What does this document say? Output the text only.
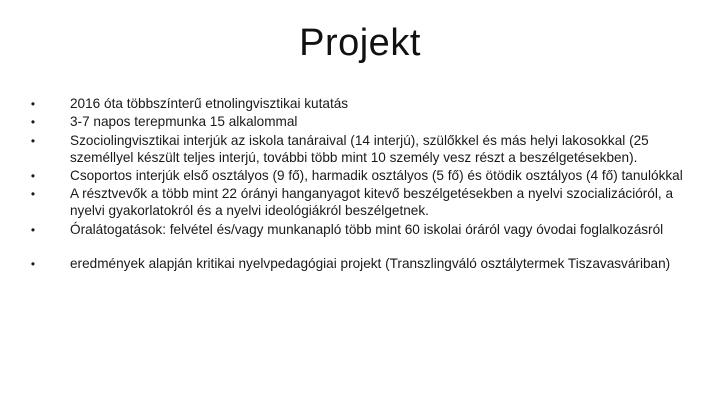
Projekt
•	2016 óta többszínterű etnolingvisztikai kutatás
•	3-7 napos terepmunka 15 alkalommal
•	Szociolingvisztikai interjúk az iskola tanáraival (14 interjú), szülőkkel és más helyi lakosokkal (25 személlyel készült teljes interjú, további több mint 10 személy vesz részt a beszélgetésekben).
•	Csoportos interjúk első osztályos (9 fő), harmadik osztályos (5 fő) és ötödik osztályos (4 fő) tanulókkal
•	A résztvevők a több mint 22 órányi hanganyagot kitevő beszélgetésekben a nyelvi szocializációról, a nyelvi gyakorlatokról és a nyelvi ideológiákról beszélgetnek.
•	Óralátogatások: felvétel és/vagy munkanapló több mint 60 iskolai óráról vagy óvodai foglalkozásról
•	eredmények alapján kritikai nyelvpedagógiai projekt (Transzlingváló osztálytermek Tiszavasváriban)
